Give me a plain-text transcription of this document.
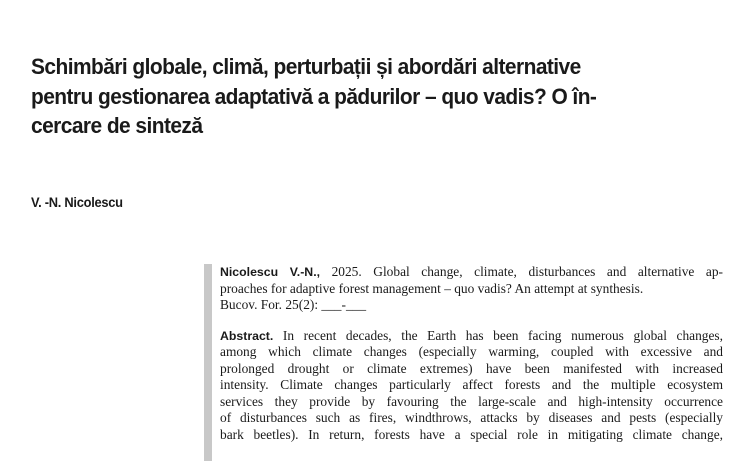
Schimbări globale, climă, perturbații și abordări alternative
pentru gestionarea adaptativă a pădurilor – quo vadis? O în-
cercare de sinteză
V. -N. Nicolescu
Nicolescu V.-N., 2025. Global change, climate, disturbances and alternative ap-
proaches for adaptive forest management – quo vadis? An attempt at synthesis.
Bucov. For. 25(2): ___-___
Abstract. In recent decades, the Earth has been facing numerous global changes,
among which climate changes (especially warming, coupled with excessive and
prolonged drought or climate extremes) have been manifested with increased
intensity. Climate changes particularly affect forests and the multiple ecosystem
services they provide by favouring the large-scale and high-intensity occurrence
of disturbances such as fires, windthrows, attacks by diseases and pests (especially
bark beetles). In return, forests have a special role in mitigating climate change,
